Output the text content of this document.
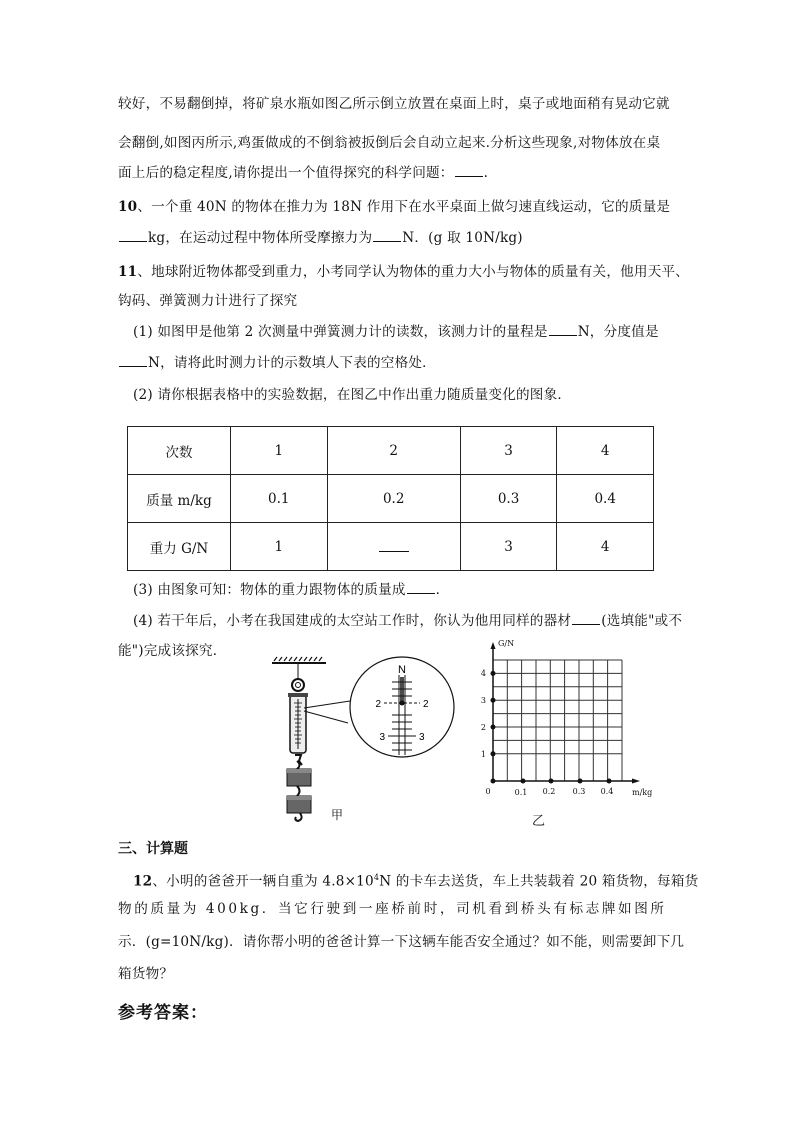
较好，不易翻倒掉，将矿泉水瓶如图乙所示倒立放置在桌面上时，桌子或地面稍有晃动它就
会翻倒,如图丙所示,鸡蛋做成的不倒翁被扳倒后会自动立起来.分析这些现象,对物体放在桌
面上后的稳定程度,请你提出一个值得探究的科学问题： .
10、一个重 40N 的物体在推力为 18N 作用下在水平桌面上做匀速直线运动，它的质量是
kg，在运动过程中物体所受摩擦力为 N．(g 取 10N/kg)
11、地球附近物体都受到重力，小考同学认为物体的重力大小与物体的质量有关，他用天平、
钩码、弹簧测力计进行了探究
(1) 如图甲是他第 2 次测量中弹簧测力计的读数，该测力计的量程是 N，分度值是
N，请将此时测力计的示数填人下表的空格处．
(2) 请你根据表格中的实验数据，在图乙中作出重力随质量变化的图象．
次数	1	2	3	4
质量 m/kg	0.1	0.2	0.3	0.4
重力 G/N	1		3	4
(3) 由图象可知：物体的重力跟物体的质量成 ．
(4) 若干年后，小考在我国建成的太空站工作时，你认为他用同样的器材 (选填能"或不
能")完成该探究．
N
2	2
3	3
甲
G/N
4
3
2
1
0	0.1 0.2 0.3 0.4 m/kg
乙
三、计算题
12、小明的爸爸开一辆自重为 $4.8\times 10^4N$ 的卡车去送货，车上共装载着 20 箱货物，每箱货
物的质量为 400kg．当它行驶到一座桥前时，司机看到桥头有标志牌如图所
示．(g=10N/kg)．请你帮小明的爸爸计算一下这辆车能否安全通过？如不能，则需要卸下几
箱货物？
参考答案：
